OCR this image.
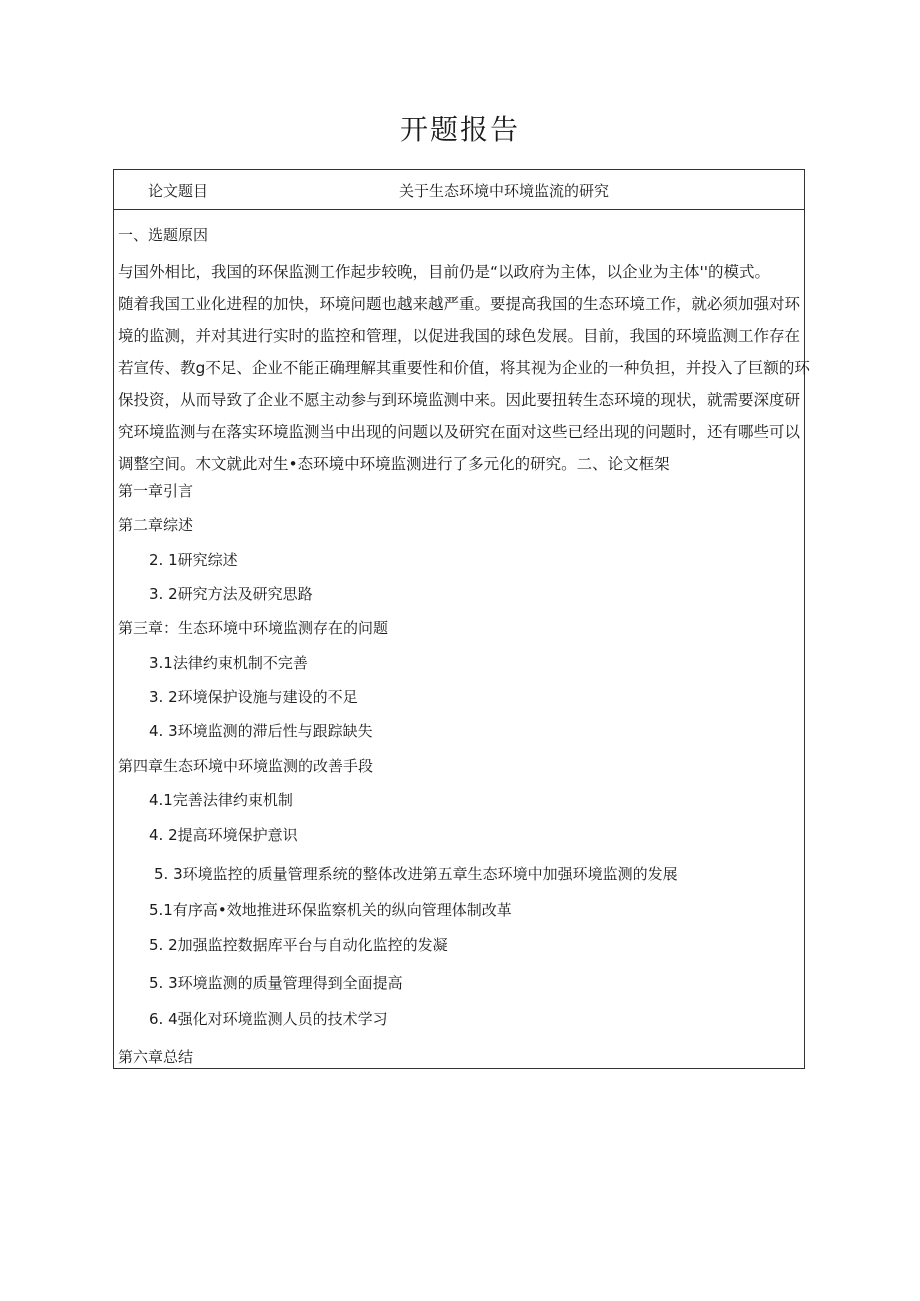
开题报告
论文题目	关于生态环境中环境监流的研究
一、选题原因
与国外相比，我国的环保监测工作起步较晚，目前仍是“以政府为主体，以企业为主体''的模式。
随着我国工业化进程的加快，环境问题也越来越严重。要提高我国的生态环境工作，就必须加强对环
境的监测，并对其进行实时的监控和管理，以促进我国的球色发展。目前，我国的环境监测工作存在
若宣传、教g不足、企业不能正确理解其重要性和价值，将其视为企业的一种负担，并投入了巨额的环
保投资，从而导致了企业不愿主动参与到环境监测中来。因此要扭转生态环境的现状，就需要深度研
究环境监测与在落实环境监测当中出现的问题以及研究在面对这些已经出现的问题时，还有哪些可以
调整空间。木文就此对生•态环境中环境监测进行了多元化的研究。二、论文框架
第一章引言
第二章综述
2. 1研究综述
3. 2研究方法及研究思路
第三章：生态环境中环境监测存在的问题
3.1法律约束机制不完善
3. 2环境保护设施与建设的不足
4. 3环境监测的滞后性与跟踪缺失
第四章生态环境中环境监测的改善手段
4.1完善法律约束机制
4. 2提高环境保护意识
5. 3环境监控的质量管理系统的整体改进第五章生态环境中加强环境监测的发展
5.1有序高•效地推进环保监察机关的纵向管理体制改革
5. 2加强监控数据库平台与自动化监控的发凝
5. 3环境监测的质量管理得到全面提高
6. 4强化对环境监测人员的技术学习
第六章总结
